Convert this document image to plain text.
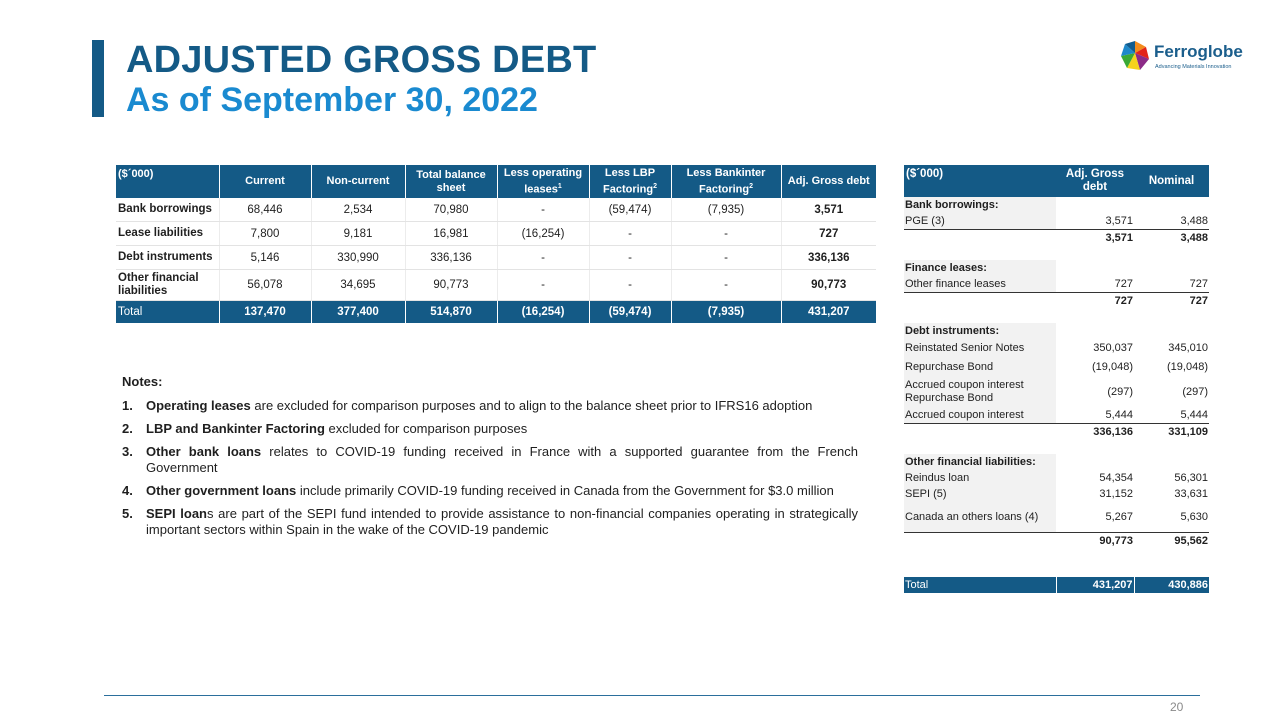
ADJUSTED GROSS DEBT
As of September 30, 2022
Ferroglobe
Advancing Materials Innovation
($´000)	Current	Non-current	Total balance sheet	Less operating leases$^1$	Less LBP Factoring$^2$	Less Bankinter Factoring$^2$	Adj. Gross debt
Bank borrowings	68,446	2,534	70,980	-	(59,474)	(7,935)	3,571
Lease liabilities	7,800	9,181	16,981	(16,254)	-	-	727
Debt instruments	5,146	330,990	336,136	-	-	-	336,136
Other financial liabilities	56,078	34,695	90,773	-	-	-	90,773
Total	137,470	377,400	514,870	(16,254)	(59,474)	(7,935)	431,207
($´000)	Adj. Gross debt	Nominal
Bank borrowings:		
PGE (3)	3,571	3,488
	3,571	3,488

Finance leases:		
Other finance leases	727	727
	727	727

Debt instruments:		
Reinstated Senior Notes	350,037	345,010
Repurchase Bond	(19,048)	(19,048)
Accrued coupon interest Repurchase Bond	(297)	(297)
Accrued coupon interest	5,444	5,444
	336,136	331,109

Other financial liabilities:		
Reindus loan	54,354	56,301
SEPI (5)	31,152	33,631
Canada an others loans (4)	5,267	5,630
	90,773	95,562

Total	431,207	430,886
Notes:
1.	Operating leases are excluded for comparison purposes and to align to the balance sheet prior to IFRS16 adoption
2.	LBP and Bankinter Factoring excluded for comparison purposes
3.	Other bank loans relates to COVID-19 funding received in France with a supported guarantee from the French Government
4.	Other government loans include primarily COVID-19 funding received in Canada from the Government for $3.0 million
5.	SEPI loans are part of the SEPI fund intended to provide assistance to non-financial companies operating in strategically important sectors within Spain in the wake of the COVID-19 pandemic
20
